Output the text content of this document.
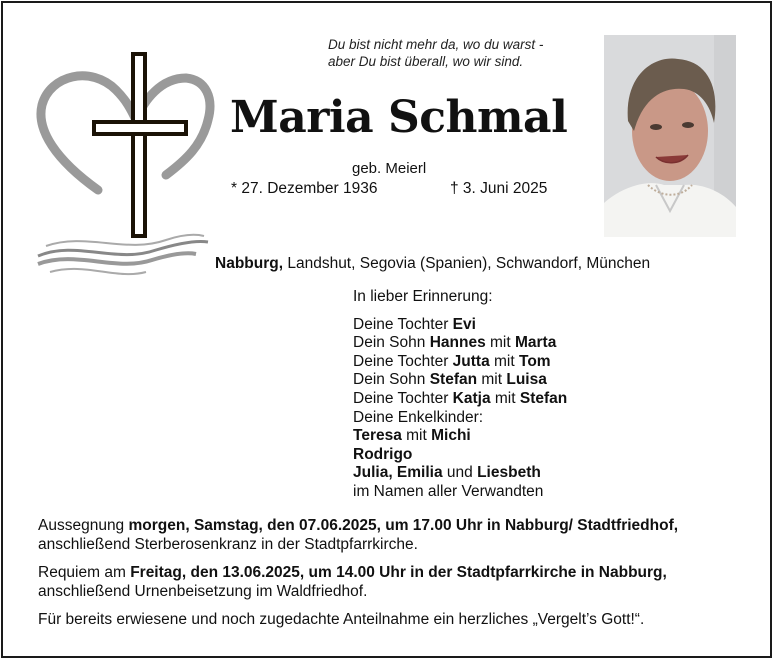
Du bist nicht mehr da, wo du warst -
aber Du bist überall, wo wir sind.
Maria Schmal
geb. Meierl
* 27. Dezember 1936	† 3. Juni 2025
Nabburg, Landshut, Segovia (Spanien), Schwandorf, München
In lieber Erinnerung:
Deine Tochter Evi
Dein Sohn Hannes mit Marta
Deine Tochter Jutta mit Tom
Dein Sohn Stefan mit Luisa
Deine Tochter Katja mit Stefan
Deine Enkelkinder:
Teresa mit Michi
Rodrigo
Julia, Emilia und Liesbeth
im Namen aller Verwandten

Aussegnung morgen, Samstag, den 07.06.2025, um 17.00 Uhr in Nabburg/ Stadtfriedhof, anschließend Sterberosenkranz in der Stadtpfarrkirche.

Requiem am Freitag, den 13.06.2025, um 14.00 Uhr in der Stadtpfarrkirche in Nabburg, anschließend Urnenbeisetzung im Waldfriedhof.

Für bereits erwiesene und noch zugedachte Anteilnahme ein herzliches „Vergelt’s Gott!“.
